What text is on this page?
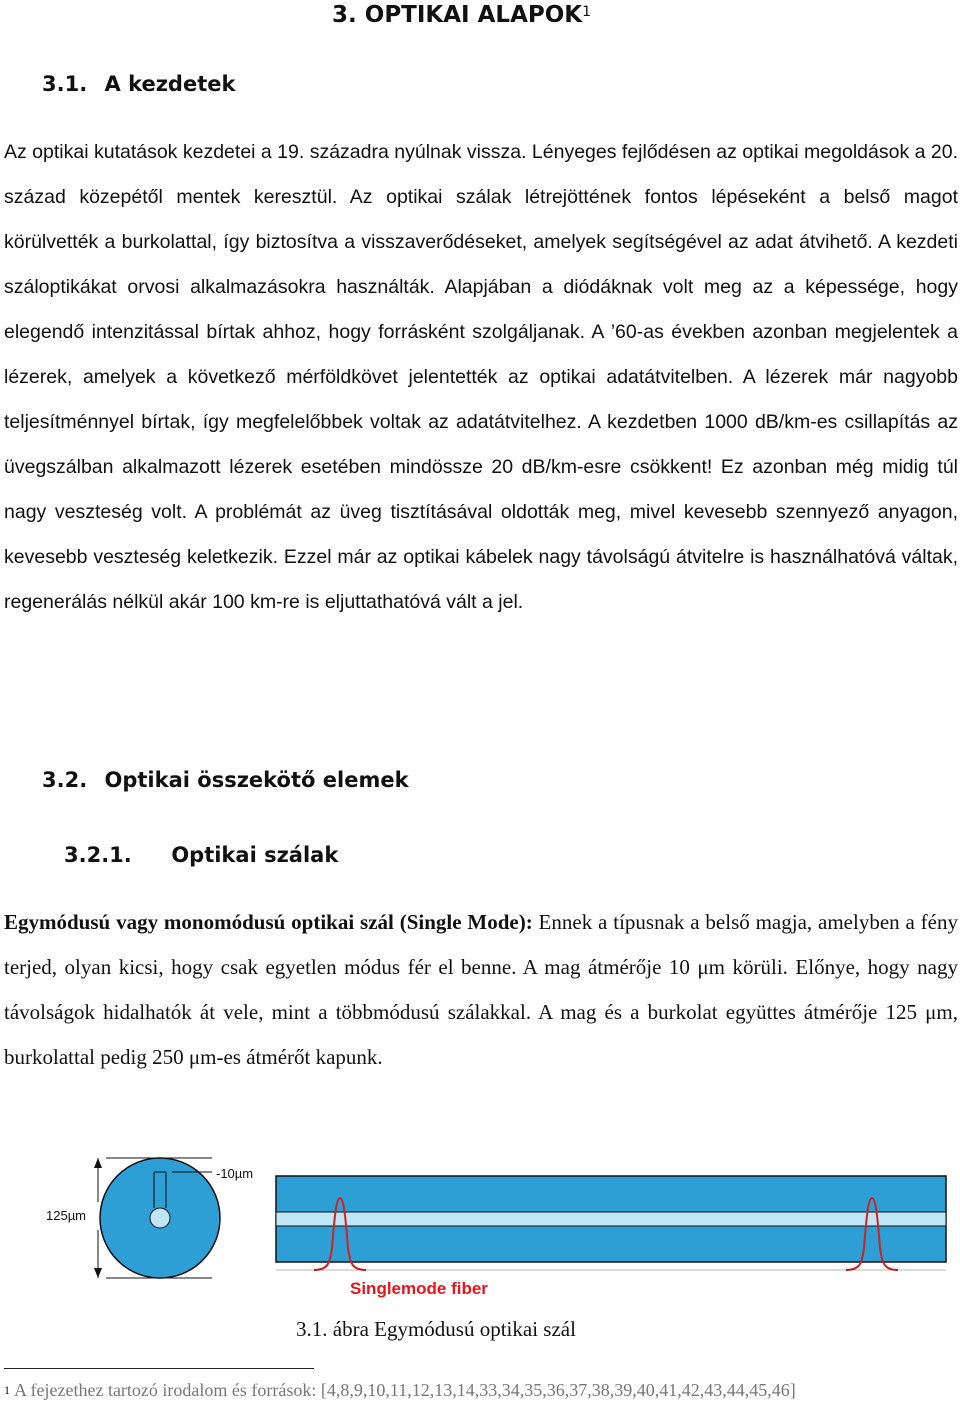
3. OPTIKAI ALAPOK$^1$
3.1. A kezdetek

Az optikai kutatások kezdetei a 19. századra nyúlnak vissza. Lényeges fejlődésen az optikai megoldások a 20. század közepétől mentek keresztül. Az optikai szálak létrejöttének fontos lépéseként a belső magot körülvették a burkolattal, így biztosítva a visszaverődéseket, amelyek segítségével az adat átvihető. A kezdeti száloptikákat orvosi alkalmazásokra használták. Alapjában a diódáknak volt meg az a képessége, hogy elegendő intenzitással bírtak ahhoz, hogy forrásként szolgáljanak. A ’60-as években azonban megjelentek a lézerek, amelyek a következő mérföldkövet jelentették az optikai adatátvitelben. A lézerek már nagyobb teljesítménnyel bírtak, így megfelelőbbek voltak az adatátvitelhez. A kezdetben 1000 dB/km-es csillapítás az üvegszálban alkalmazott lézerek esetében mindössze 20 dB/km-esre csökkent! Ez azonban még midig túl nagy veszteség volt. A problémát az üveg tisztításával oldották meg, mivel kevesebb szennyező anyagon, kevesebb veszteség keletkezik. Ezzel már az optikai kábelek nagy távolságú átvitelre is használhatóvá váltak, regenerálás nélkül akár 100 km-re is eljuttathatóvá vált a jel.

3.2. Optikai összekötő elemek
3.2.1. Optikai szálak

Egymódusú vagy monomódusú optikai szál (Single Mode): Ennek a típusnak a belső magja, amelyben a fény terjed, olyan kicsi, hogy csak egyetlen módus fér el benne. A mag átmérője 10 μm körüli. Előnye, hogy nagy távolságok hidalhatók át vele, mint a többmódusú szálakkal. A mag és a burkolat együttes átmérője 125 μm, burkolattal pedig 250 μm-es átmérőt kapunk.

125µm
-10µm
Singlemode fiber
3.1. ábra Egymódusú optikai szál
$^1$ A fejezethez tartozó irodalom és források: [4,8,9,10,11,12,13,14,33,34,35,36,37,38,39,40,41,42,43,44,45,46]
